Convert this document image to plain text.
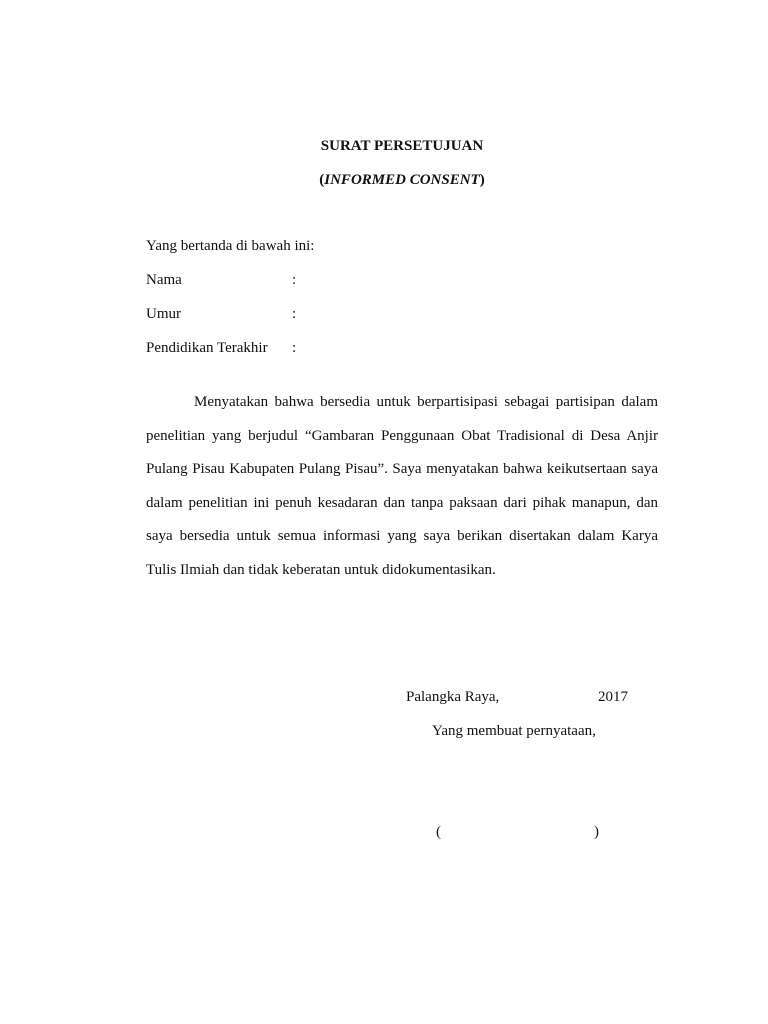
SURAT PERSETUJUAN
(INFORMED CONSENT)
Yang bertanda di bawah ini:
Nama	:
Umur	:
Pendidikan Terakhir :
Menyatakan bahwa bersedia untuk berpartisipasi sebagai partisipan dalam penelitian yang berjudul “Gambaran Penggunaan Obat Tradisional di Desa Anjir Pulang Pisau Kabupaten Pulang Pisau”. Saya menyatakan bahwa keikutsertaan saya dalam penelitian ini penuh kesadaran dan tanpa paksaan dari pihak manapun, dan saya bersedia untuk semua informasi yang saya berikan disertakan dalam Karya Tulis Ilmiah dan tidak keberatan untuk didokumentasikan.
Palangka Raya,	2017
Yang membuat pernyataan,
(	)
